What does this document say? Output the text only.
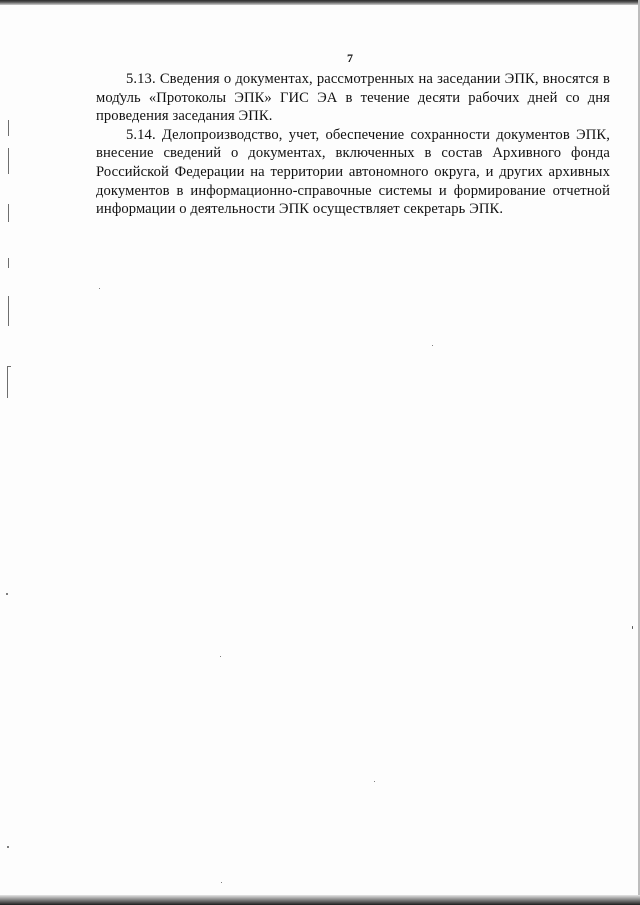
7

5.13. Сведения о документах, рассмотренных на заседании ЭПК, вносятся в модуль «Протоколы ЭПК» ГИС ЭА в течение десяти рабочих дней со дня проведения заседания ЭПК.

5.14. Делопроизводство, учет, обеспечение сохранности документов ЭПК, внесение сведений о документах, включенных в состав Архивного фонда Российской Федерации на территории автономного округа, и других архивных документов в информационно-справочные системы и формирование отчетной информации о деятельности ЭПК осуществляет секретарь ЭПК.
